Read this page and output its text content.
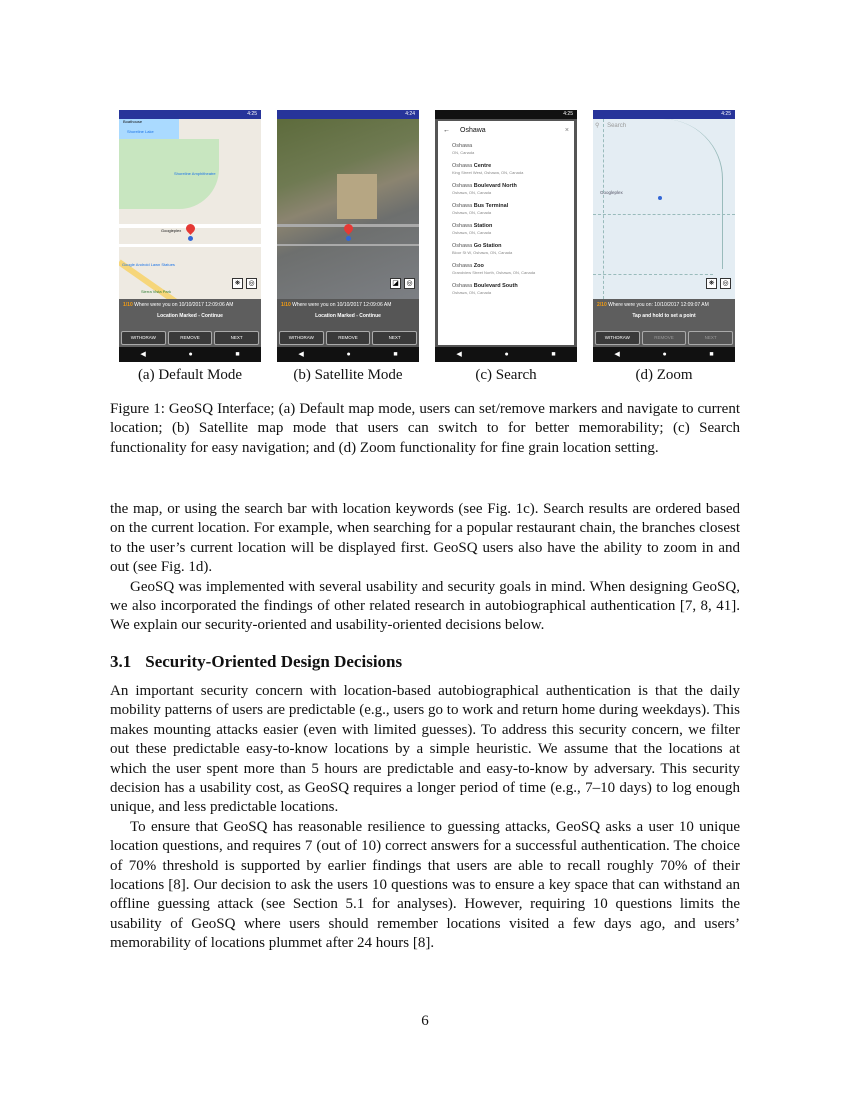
4:25
Boathouse
Shoreline Lake
Shoreline Amphitheatre
Googleplex
Google Android Lawn Statues
Sierra Vista Park
⛯	◎
1/10 Where were you on 10/10/2017 12:09:06 AM
Location Marked - Continue
WITHDRAW	REMOVE	NEXT
◀	●	■
4:24
◪	◎
1/10 Where were you on 10/10/2017 12:09:06 AM
Location Marked - Continue
WITHDRAW	REMOVE	NEXT
◀	●	■
4:25
← Oshawa	×
Oshawa
ON, Canada
Oshawa Centre
King Street West, Oshawa, ON, Canada
Oshawa Boulevard North
Oshawa, ON, Canada
Oshawa Bus Terminal
Oshawa, ON, Canada
Oshawa Station
Oshawa, ON, Canada
Oshawa Go Station
Bloor St W, Oshawa, ON, Canada
Oshawa Zoo
Grandview Street North, Oshawa, ON, Canada
Oshawa Boulevard South
Oshawa, ON, Canada
◀	●	■
4:25
⚲ Search
Googleplex
⛯	◎
2/10 Where were you on: 10/10/2017 12:09:07 AM
Tap and hold to set a point
WITHDRAW	REMOVE	NEXT
◀	●	■
(a) Default Mode	(b) Satellite Mode	(c) Search	(d) Zoom
Figure 1: GeoSQ Interface; (a) Default map mode, users can set/remove markers and navigate to current location; (b) Satellite map mode that users can switch to for better memorability; (c) Search functionality for easy navigation; and (d) Zoom functionality for fine grain location setting.

the map, or using the search bar with location keywords (see Fig. 1c). Search results are ordered based on the current location. For example, when searching for a popular restaurant chain, the branches closest to the user’s current location will be displayed first. GeoSQ users also have the ability to zoom in and out (see Fig. 1d).

GeoSQ was implemented with several usability and security goals in mind. When designing GeoSQ, we also incorporated the findings of other related research in autobiographical authentication [7, 8, 41]. We explain our security-oriented and usability-oriented decisions below.

3.1 Security-Oriented Design Decisions

An important security concern with location-based autobiographical authentication is that the daily mobility patterns of users are predictable (e.g., users go to work and return home during weekdays). This makes mounting attacks easier (even with limited guesses). To address this security concern, we filter out these predictable easy-to-know locations by a simple heuristic. We assume that the locations at which the user spent more than 5 hours are predictable and easy-to-know by adversary. This security decision has a usability cost, as GeoSQ requires a longer period of time (e.g., 7–10 days) to log enough unique, and less predictable locations.

To ensure that GeoSQ has reasonable resilience to guessing attacks, GeoSQ asks a user 10 unique location questions, and requires 7 (out of 10) correct answers for a successful authentication. The choice of 70% threshold is supported by earlier findings that users are able to recall roughly 70% of their locations [8]. Our decision to ask the users 10 questions was to ensure a key space that can withstand an offline guessing attack (see Section 5.1 for analyses). However, requiring 10 questions limits the usability of GeoSQ where users should remember locations visited a few days ago, and users’ memorability of locations plummet after 24 hours [8].

6
